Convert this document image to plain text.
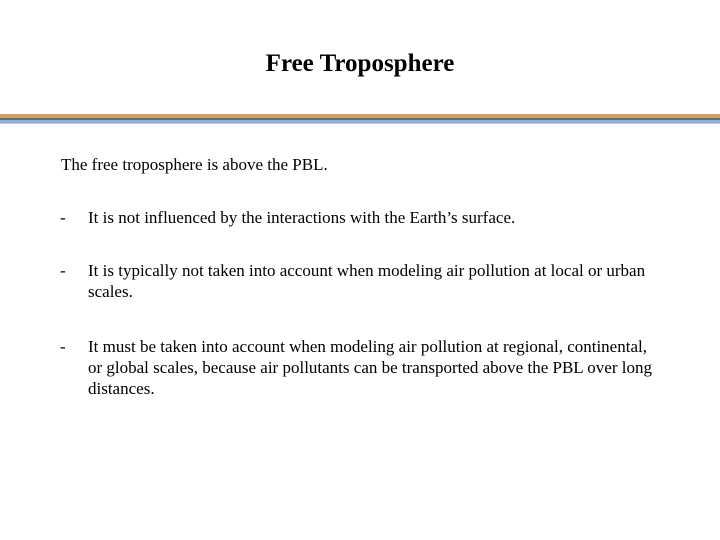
Free Troposphere
The free troposphere is above the PBL.
- It is not influenced by the interactions with the Earth’s surface.
- It is typically not taken into account when modeling air pollution at local or urban scales.
- It must be taken into account when modeling air pollution at regional, continental, or global scales, because air pollutants can be transported above the PBL over long distances.
